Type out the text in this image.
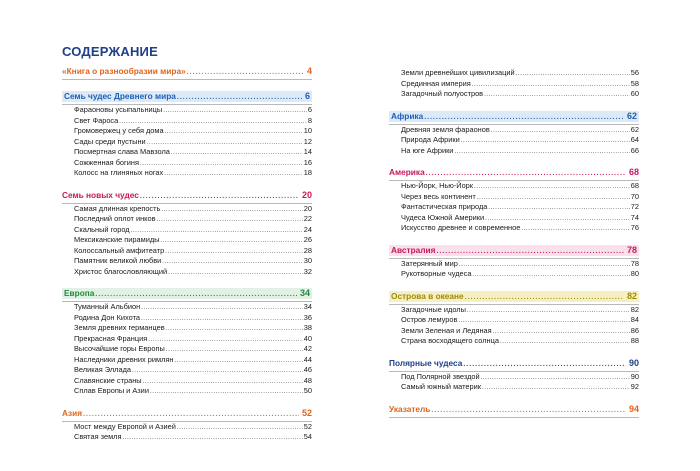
СОДЕРЖАНИЕ
«Книга о разнообразии мира» .....	4
Семь чудес Древнего мира .....	6
Фараоновы усыпальницы .....	6
Свет Фароса .....	8
Громовержец у себя дома .....	10
Сады среди пустыни .....	12
Посмертная слава Мавзола .....	14
Сожженная богиня .....	16
Колосс на глиняных ногах .....	18
Семь новых чудес .....	20
Самая длинная крепость .....	20
Последний оплот инков .....	22
Скальный город .....	24
Мексиканские пирамиды .....	26
Колоссальный амфитеатр .....	28
Памятник великой любви .....	30
Христос благословляющий .....	32
Европа .....	34
Туманный Альбион .....	34
Родина Дон Кихота .....	36
Земля древних германцев .....	38
Прекрасная Франция .....	40
Высочайшие горы Европы .....	42
Наследники древних римлян .....	44
Великая Эллада .....	46
Славянские страны .....	48
Сплав Европы и Азии .....	50
Азия .....	52
Мост между Европой и Азией .....	52
Святая земля .....	54
Земли древнейших цивилизаций .....	56
Срединная империя .....	58
Загадочный полуостров .....	60
Африка .....	62
Древняя земля фараонов .....	62
Природа Африки .....	64
На юге Африки .....	66
Америка .....	68
Нью-Йорк, Нью-Йорк .....	68
Через весь континент .....	70
Фантастическая природа .....	72
Чудеса Южной Америки .....	74
Искусство древнее и современное .....	76
Австралия .....	78
Затерянный мир .....	78
Рукотворные чудеса .....	80
Острова в океане .....	82
Загадочные идолы .....	82
Остров лемуров .....	84
Земли Зеленая и Ледяная .....	86
Страна восходящего солнца .....	88
Полярные чудеса .....	90
Под Полярной звездой .....	90
Самый южный материк .....	92
Указатель .....	94
